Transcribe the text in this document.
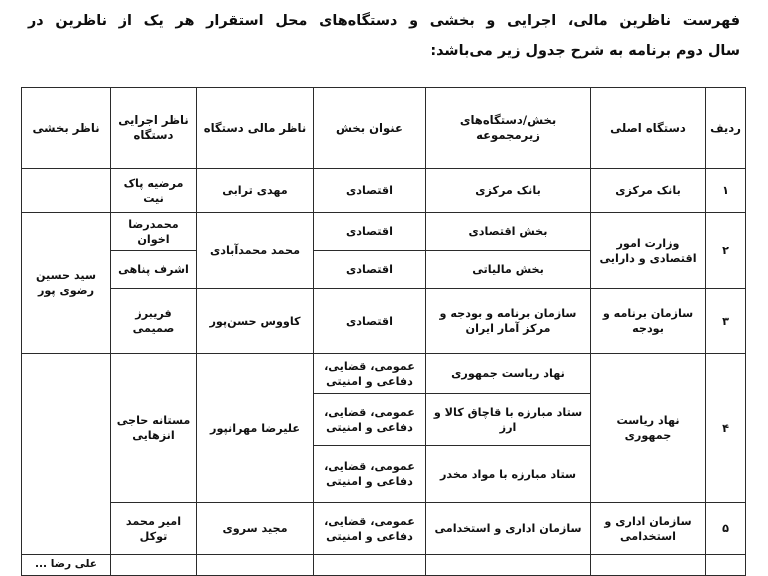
فهرست ناظرین مالی، اجرایی و بخشی و دستگاه‌های محل استقرار هر یک از ناظرین در
سال دوم برنامه به شرح جدول زیر می‌باشد:
ردیف	دستگاه اصلی	بخش/دستگاه‌های زیرمجموعه	عنوان بخش	ناظر مالی دستگاه	ناظر اجرایی دستگاه	ناظر بخشی
۱	بانک مرکزی	بانک مرکزی	اقتصادی	مهدی ترابی	مرضیه پاک نیت	
۲	وزارت امور اقتصادی و دارایی	بخش اقتصادی	اقتصادی	محمد محمدآبادی	محمدرضا اخوان	سید حسین رضوی پور
		بخش مالیاتی	اقتصادی		اشرف پناهی	
۳	سازمان برنامه و بودجه	سازمان برنامه و بودجه و مرکز آمار ایران	اقتصادی	کاووس حسن‌پور	فریبرز صمیمی	
۴	نهاد ریاست جمهوری	نهاد ریاست جمهوری	عمومی، قضایی، دفاعی و امنیتی	علیرضا مهرانپور	مستانه حاجی انزهایی	
		ستاد مبارزه با قاچاق کالا و ارز	عمومی، قضایی، دفاعی و امنیتی			
		ستاد مبارزه با مواد مخدر	عمومی، قضایی، دفاعی و امنیتی			
۵	سازمان اداری و استخدامی	سازمان اداری و استخدامی	عمومی، قضایی، دفاعی و امنیتی	مجید سروی	امیر محمد توکل	
						علی رضا ...
